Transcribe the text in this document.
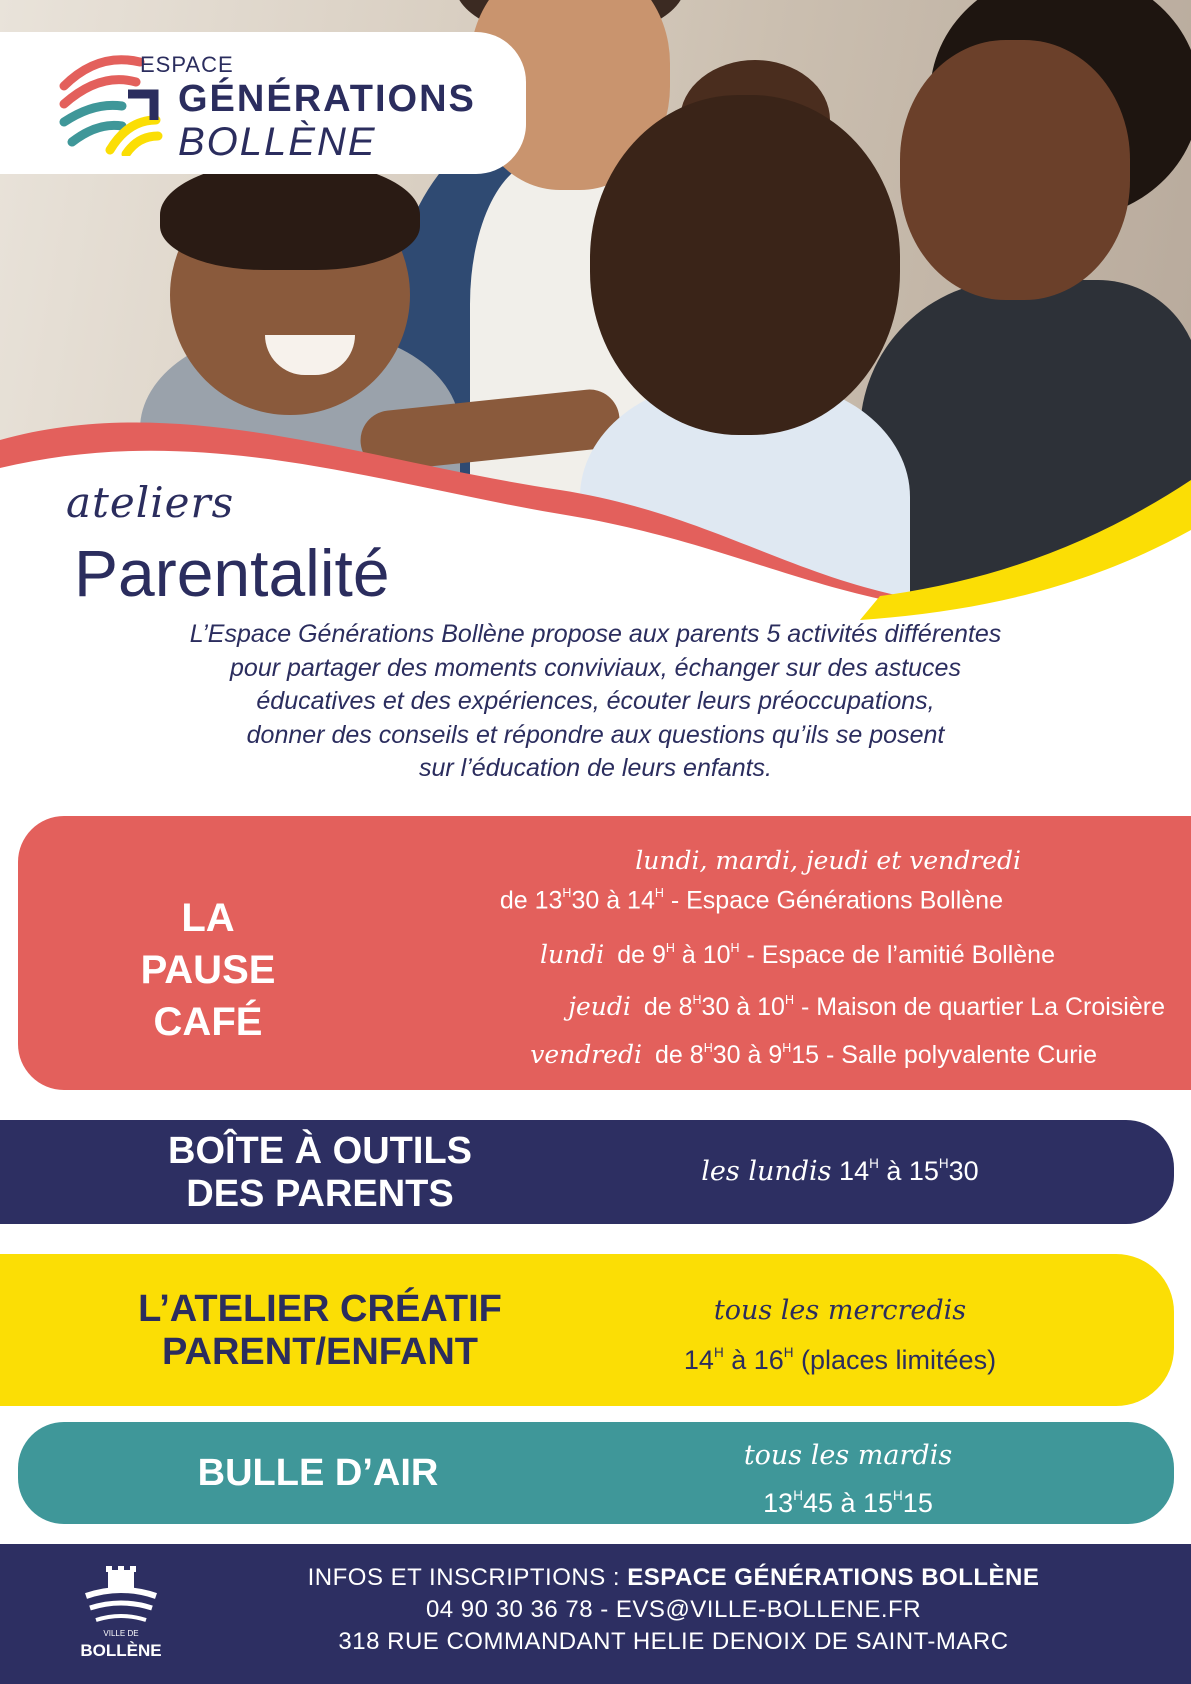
ESPACE
GÉNÉRATIONS
BOLLÈNE
ateliers
Parentalité
L’Espace Générations Bollène propose aux parents 5 activités différentes
pour partager des moments conviviaux, échanger sur des astuces
éducatives et des expériences, écouter leurs préoccupations,
donner des conseils et répondre aux questions qu’ils se posent
sur l’éducation de leurs enfants.
LA
PAUSE
CAFÉ
lundi, mardi, jeudi et vendredi
de $13^H30$ à $14^H$ - Espace Générations Bollène
lundi de $9^H$ à $10^H$ - Espace de l’amitié Bollène
jeudi de $8^H30$ à $10^H$ - Maison de quartier La Croisière
vendredi de $8^H30$ à $9^H15$ - Salle polyvalente Curie
BOÎTE À OUTILS
DES PARENTS
les lundis $14^H$ à $15^H30$
L’ATELIER CRÉATIF
PARENT/ENFANT
tous les mercredis
$14^H$ à $16^H$ (places limitées)
BULLE D’AIR	tous les mardis
$13^H45$ à $15^H15$
VILLE DE
BOLLÈNE
INFOS ET INSCRIPTIONS : ESPACE GÉNÉRATIONS BOLLÈNE
04 90 30 36 78 - EVS@VILLE-BOLLENE.FR
318 RUE COMMANDANT HELIE DENOIX DE SAINT-MARC
